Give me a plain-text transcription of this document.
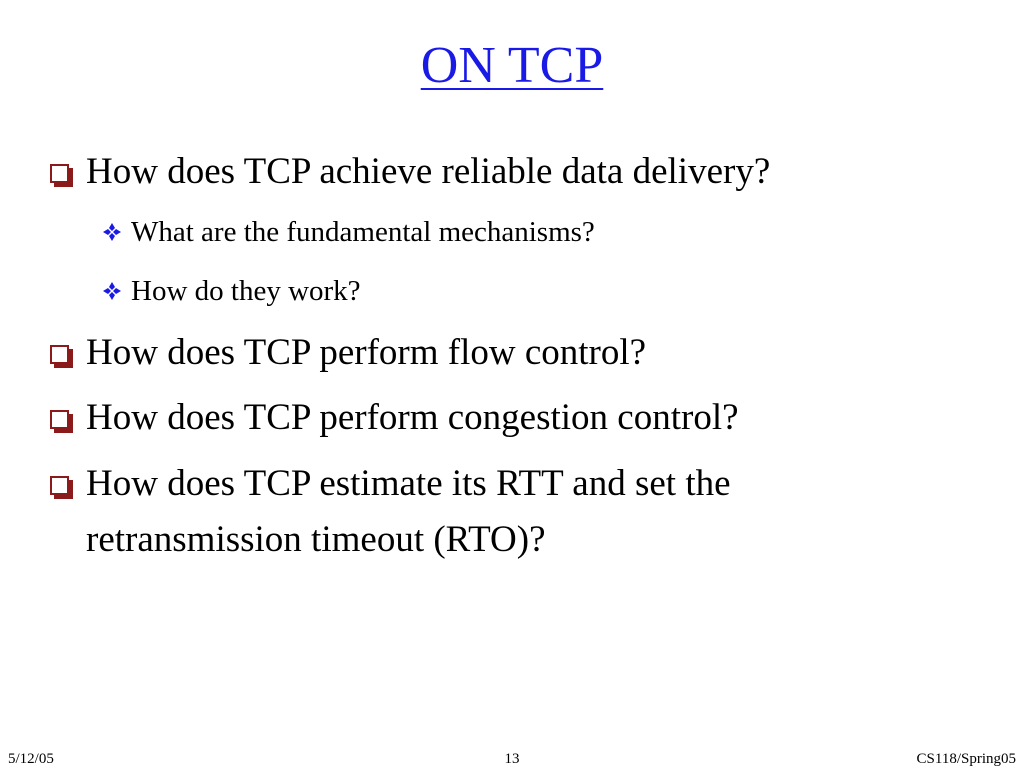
ON TCP
How does TCP achieve reliable data delivery?
What are the fundamental mechanisms?
How do they work?
How does TCP perform flow control?
How does TCP perform congestion control?
How does TCP estimate its RTT and set the retransmission timeout (RTO)?
5/12/05	13	CS118/Spring05
